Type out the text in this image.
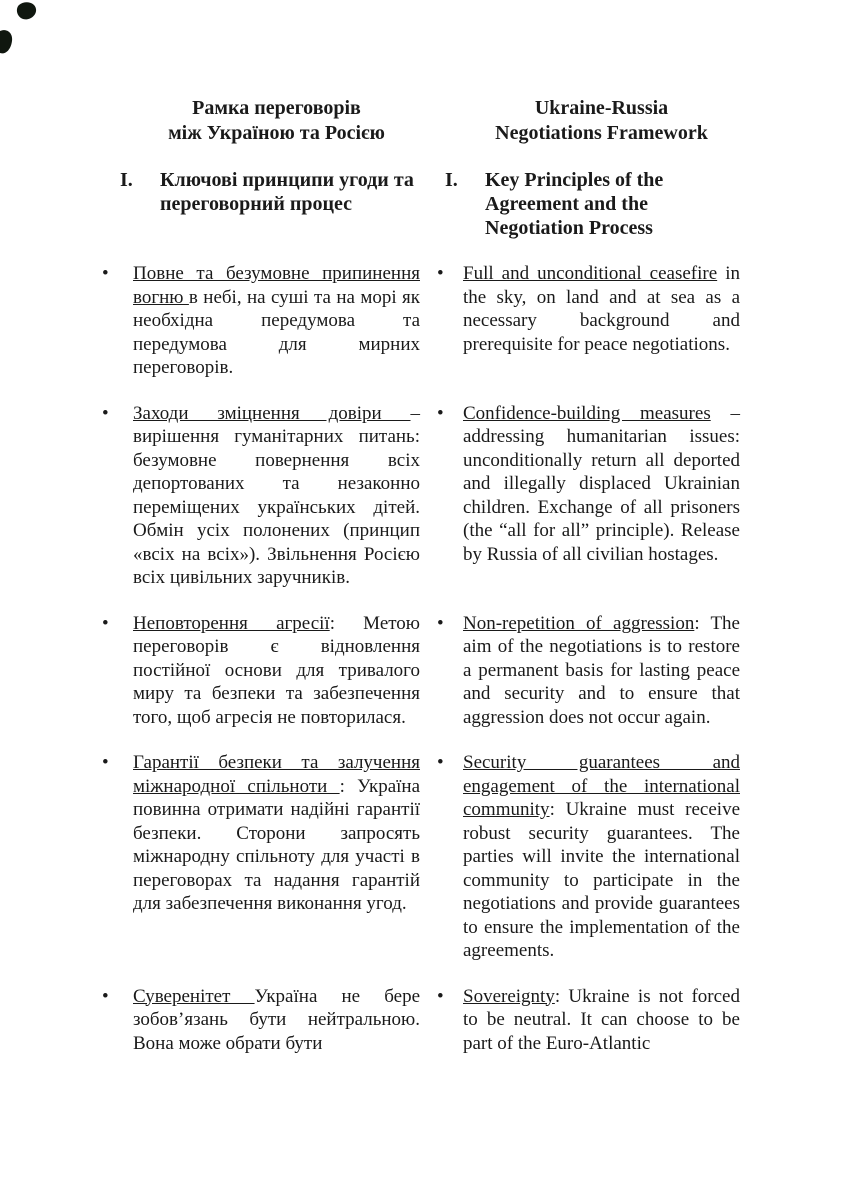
Рамка переговорів
між Україною та Росією
Ukraine-Russia
Negotiations Framework
I.	Ключові принципи угоди та переговорний процес
I.	Key Principles of the Agreement and the Negotiation Process
• Повне та безумовне припинення вогню в небі, на суші та на морі як необхідна передумова та передумова для мирних переговорів.
• Full and unconditional ceasefire in the sky, on land and at sea as a necessary background and prerequisite for peace negotiations.
• Заходи зміцнення довіри – вирішення гуманітарних питань: безумовне повернення всіх депортованих та незаконно переміщених українських дітей. Обмін усіх полонених (принцип «всіх на всіх»). Звільнення Росією всіх цивільних заручників.
• Confidence-building measures – addressing humanitarian issues: unconditionally return all deported and illegally displaced Ukrainian children. Exchange of all prisoners (the “all for all” principle). Release by Russia of all civilian hostages.
• Неповторення агресії: Метою переговорів є відновлення постійної основи для тривалого миру та безпеки та забезпечення того, щоб агресія не повторилася.
• Non-repetition of aggression: The aim of the negotiations is to restore a permanent basis for lasting peace and security and to ensure that aggression does not occur again.
• Гарантії безпеки та залучення міжнародної спільноти : Україна повинна отримати надійні гарантії безпеки. Сторони запросять міжнародну спільноту для участі в переговорах та надання гарантій для забезпечення виконання угод.
• Security guarantees and engagement of the international community: Ukraine must receive robust security guarantees. The parties will invite the international community to participate in the negotiations and provide guarantees to ensure the implementation of the agreements.
• Суверенітет Україна не бере зобов’язань бути нейтральною. Вона може обрати бути
• Sovereignty: Ukraine is not forced to be neutral. It can choose to be part of the Euro-Atlantic
